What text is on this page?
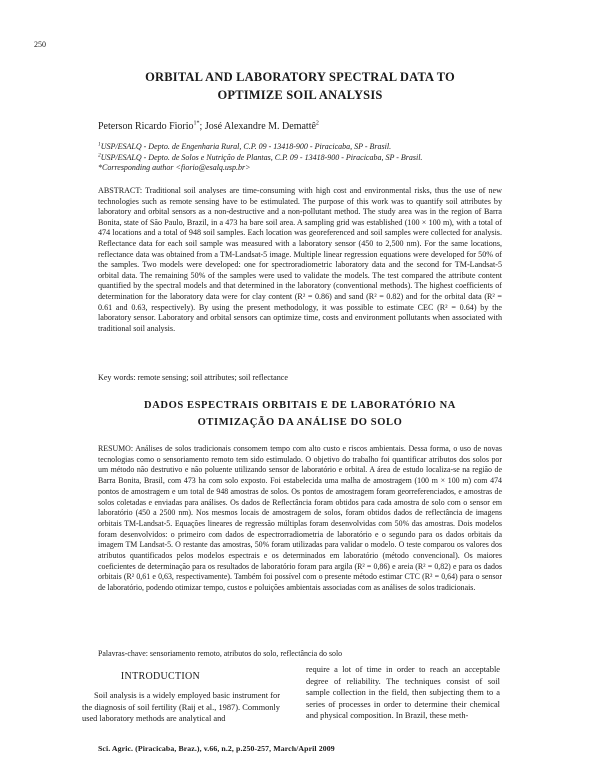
250
ORBITAL AND LABORATORY SPECTRAL DATA TO
OPTIMIZE SOIL ANALYSIS
Peterson Ricardo Fiorio$^{1*}$; José Alexandre M. Demattê$^2$
$^1$USP/ESALQ - Depto. de Engenharia Rural, C.P. 09 - 13418-900 - Piracicaba, SP - Brasil.
$^2$USP/ESALQ - Depto. de Solos e Nutrição de Plantas, C.P. 09 - 13418-900 - Piracicaba, SP - Brasil.
*Corresponding author <fiorio@esalq.usp.br>

ABSTRACT: Traditional soil analyses are time-consuming with high cost and environmental risks, thus the use of new technologies such as remote sensing have to be estimulated. The purpose of this work was to quantify soil attributes by laboratory and orbital sensors as a non-destructive and a non-pollutant method. The study area was in the region of Barra Bonita, state of São Paulo, Brazil, in a 473 ha bare soil area. A sampling grid was established (100 × 100 m), with a total of 474 locations and a total of 948 soil samples. Each location was georeferenced and soil samples were collected for analysis. Reflectance data for each soil sample was measured with a laboratory sensor (450 to 2,500 nm). For the same locations, reflectance data was obtained from a TM-Landsat-5 image. Multiple linear regression equations were developed for 50% of the samples. Two models were developed: one for spectroradiometric laboratory data and the second for TM-Landsat-5 orbital data. The remaining 50% of the samples were used to validate the models. The test compared the attribute content quantified by the spectral models and that determined in the laboratory (conventional methods). The highest coefficients of determination for the laboratory data were for clay content (R² = 0.86) and sand (R² = 0.82) and for the orbital data (R² = 0.61 and 0.63, respectively). By using the present methodology, it was possible to estimate CEC (R² = 0.64) by the laboratory sensor. Laboratory and orbital sensors can optimize time, costs and environment pollutants when associated with traditional soil analysis.

Key words: remote sensing; soil attributes; soil reflectance

DADOS ESPECTRAIS ORBITAIS E DE LABORATÓRIO NA
OTIMIZAÇÃO DA ANÁLISE DO SOLO

RESUMO: Análises de solos tradicionais consomem tempo com alto custo e riscos ambientais. Dessa forma, o uso de novas tecnologias como o sensoriamento remoto tem sido estimulado. O objetivo do trabalho foi quantificar atributos dos solos por um método não destrutivo e não poluente utilizando sensor de laboratório e orbital. A área de estudo localiza-se na região de Barra Bonita, Brasil, com 473 ha com solo exposto. Foi estabelecida uma malha de amostragem (100 m × 100 m) com 474 pontos de amostragem e um total de 948 amostras de solos. Os pontos de amostragem foram georreferenciados, e amostras de solos coletadas e enviadas para análises. Os dados de Reflectância foram obtidos para cada amostra de solo com o sensor em laboratório (450 a 2500 nm). Nos mesmos locais de amostragem de solos, foram obtidos dados de reflectância de imagens orbitais TM-Landsat-5. Equações lineares de regressão múltiplas foram desenvolvidas com 50% das amostras. Dois modelos foram desenvolvidos: o primeiro com dados de espectrorradiometria de laboratório e o segundo para os dados orbitais da imagem TM Landsat-5. O restante das amostras, 50% foram utilizadas para validar o modelo. O teste comparou os valores dos atributos quantificados pelos modelos espectrais e os determinados em laboratório (método convencional). Os maiores coeficientes de determinação para os resultados de laboratório foram para argila (R² = 0,86) e areia (R² = 0,82) e para os dados orbitais (R² 0,61 e 0,63, respectivamente). Também foi possível com o presente método estimar CTC (R² = 0,64) para o sensor de laboratório, podendo otimizar tempo, custos e poluições ambientais associadas com as análises de solos tradicionais.

Palavras-chave: sensoriamento remoto, atributos do solo, reflectância do solo

INTRODUCTION

Soil analysis is a widely employed basic instrument for the diagnosis of soil fertility (Raij et al., 1987). Commonly used laboratory methods are analytical and

require a lot of time in order to reach an acceptable degree of reliability. The techniques consist of soil sample collection in the field, then subjecting them to a series of processes in order to determine their chemical and physical composition. In Brazil, these meth-

Sci. Agric. (Piracicaba, Braz.), v.66, n.2, p.250-257, March/April 2009
